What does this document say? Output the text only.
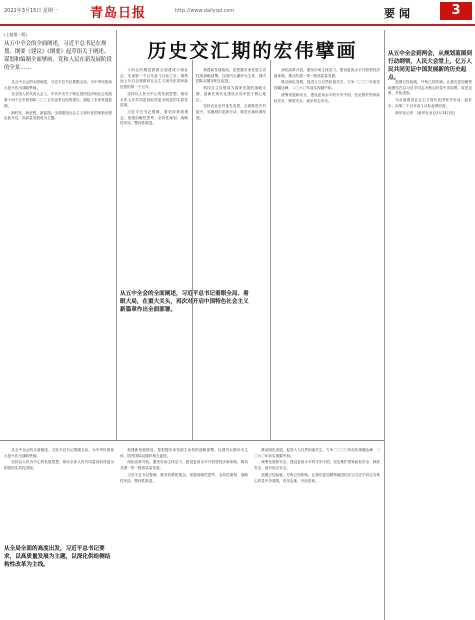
2021年3月15日 星期一 青岛日报	http://www.dailyqd.com	要闻	3
历史交汇期的宏伟擘画
(上接第一版)
从五中全会的全面阐述，习近平总书记在规划、纲要《建议》《纲要》起草组关于阐述、谋划和编制全面擘画，党和人民在新发展阶段的全景……
从五中全会的全面阐述，习近平总书记着眼全局、着眼大局，在重大关头，再次对开启中国特色社会主义新篇章作出全面部署。
从全局全面的高度出发，习近平总书记要求，以高质量发展为主题，以深化供给侧结构性改革为主线。
从五中全会到两会，从规划蓝图到行动纲领，人民大会堂上，亿万人民共同见证中国发展新的历史起点。

从五中全会的全面阐述，习近平总书记着眼全局，为中华民族伟大复兴作出战略擘画。

在全国人民代表大会上，中共中央关于制定国民经济和社会发展第十四个五年规划和二〇三五年远景目标的建议，描绘了未来发展蓝图。

新时代，新征程，新蓝图。全面建设社会主义现代化国家新征程由此开启，高质量发展成为主题。

十四五时期是我国全面建成小康社会、实现第一个百年奋斗目标之后，乘势而上开启全面建设社会主义现代化国家新征程的第一个五年。

坚持以人民为中心的发展思想，推动全体人民共同富裕取得更为明显的实质性进展。

习近平总书记强调，要坚持系统观念，加强前瞻性思考、全局性谋划、战略性布局、整体性推进。

构建新发展格局，是把握未来发展主动权的战略部署。以国内大循环为主体、国内国际双循环相互促进。

科技自立自强成为国家发展的战略支撑，创新在现代化建设全局中居于核心地位。

坚持农业农村优先发展，全面推进乡村振兴，实施城市更新行动，推进区域协调发展。

深化改革开放，激发市场主体活力，建设更高水平开放型经济新体制，推动共建一带一路高质量发展。

推动绿色发展，促进人与自然和谐共生，力争二〇三〇年前实现碳达峰、二〇六〇年前实现碳中和。

统筹发展和安全，建设更高水平的平安中国，坚定维护国家政权安全、制度安全、意识形态安全。

蓝图已经绘就，号角已经吹响。让我们更加紧密地团结在以习近平同志为核心的党中央周围，攻坚克难，开拓进取。

为全面建设社会主义现代化国家开好局、起好步，向第二个百年奋斗目标奋勇前进。

新华社记者　(新华社北京3月14日电)

从五中全会的全面阐述，习近平总书记着眼全局，为中华民族伟大复兴作出战略擘画。

坚持以人民为中心的发展思想，推动全体人民共同富裕取得更为明显的实质性进展。

构建新发展格局，是把握未来发展主动权的战略部署。以国内大循环为主体、国内国际双循环相互促进。

深化改革开放，激发市场主体活力，建设更高水平开放型经济新体制，推动共建一带一路高质量发展。

习近平总书记强调，要坚持系统观念，加强前瞻性思考、全局性谋划、战略性布局、整体性推进。

推动绿色发展，促进人与自然和谐共生，力争二〇三〇年前实现碳达峰、二〇六〇年前实现碳中和。

统筹发展和安全，建设更高水平的平安中国，坚定维护国家政权安全、制度安全、意识形态安全。

蓝图已经绘就，号角已经吹响。让我们更加紧密地团结在以习近平同志为核心的党中央周围，攻坚克难，开拓进取。
